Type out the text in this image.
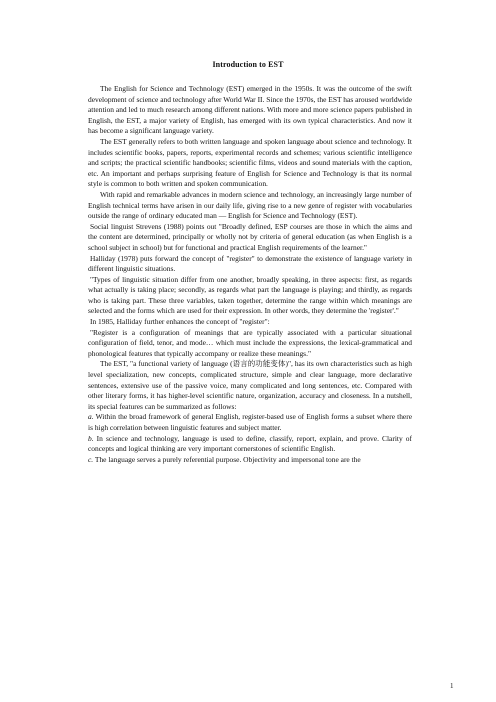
Introduction to EST

The English for Science and Technology (EST) emerged in the 1950s. It was the outcome of the swift development of science and technology after World War II. Since the 1970s, the EST has aroused worldwide attention and led to much research among different nations. With more and more science papers published in English, the EST, a major variety of English, has emerged with its own typical characteristics. And now it has become a significant language variety.

The EST generally refers to both written language and spoken language about science and technology. It includes scientific books, papers, reports, experimental records and schemes; various scientific intelligence and scripts; the practical scientific handbooks; scientific films, videos and sound materials with the caption, etc. An important and perhaps surprising feature of English for Science and Technology is that its normal style is common to both written and spoken communication.

With rapid and remarkable advances in modern science and technology, an increasingly large number of English technical terms have arisen in our daily life, giving rise to a new genre of register with vocabularies outside the range of ordinary educated man — English for Science and Technology (EST).

Social linguist Strevens (1988) points out "Broadly defined, ESP courses are those in which the aims and the content are determined, principally or wholly not by criteria of general education (as when English is a school subject in school) but for functional and practical English requirements of the learner."

Halliday (1978) puts forward the concept of "register" to demonstrate the existence of language variety in different linguistic situations.

"Types of linguistic situation differ from one another, broadly speaking, in three aspects: first, as regards what actually is taking place; secondly, as regards what part the language is playing; and thirdly, as regards who is taking part. These three variables, taken together, determine the range within which meanings are selected and the forms which are used for their expression. In other words, they determine the 'register'."

In 1985, Halliday further enhances the concept of "register":

"Register is a configuration of meanings that are typically associated with a particular situational configuration of field, tenor, and mode… which must include the expressions, the lexical-grammatical and phonological features that typically accompany or realize these meanings."

The EST, "a functional variety of language (语言的功能变体)", has its own characteristics such as high level specialization, new concepts, complicated structure, simple and clear language, more declarative sentences, extensive use of the passive voice, many complicated and long sentences, etc. Compared with other literary forms, it has higher-level scientific nature, organization, accuracy and closeness. In a nutshell, its special features can be summarized as follows:

a. Within the broad framework of general English, register-based use of English forms a subset where there is high correlation between linguistic features and subject matter.

b. In science and technology, language is used to define, classify, report, explain, and prove. Clarity of concepts and logical thinking are very important cornerstones of scientific English.

c. The language serves a purely referential purpose. Objectivity and impersonal tone are the

1
